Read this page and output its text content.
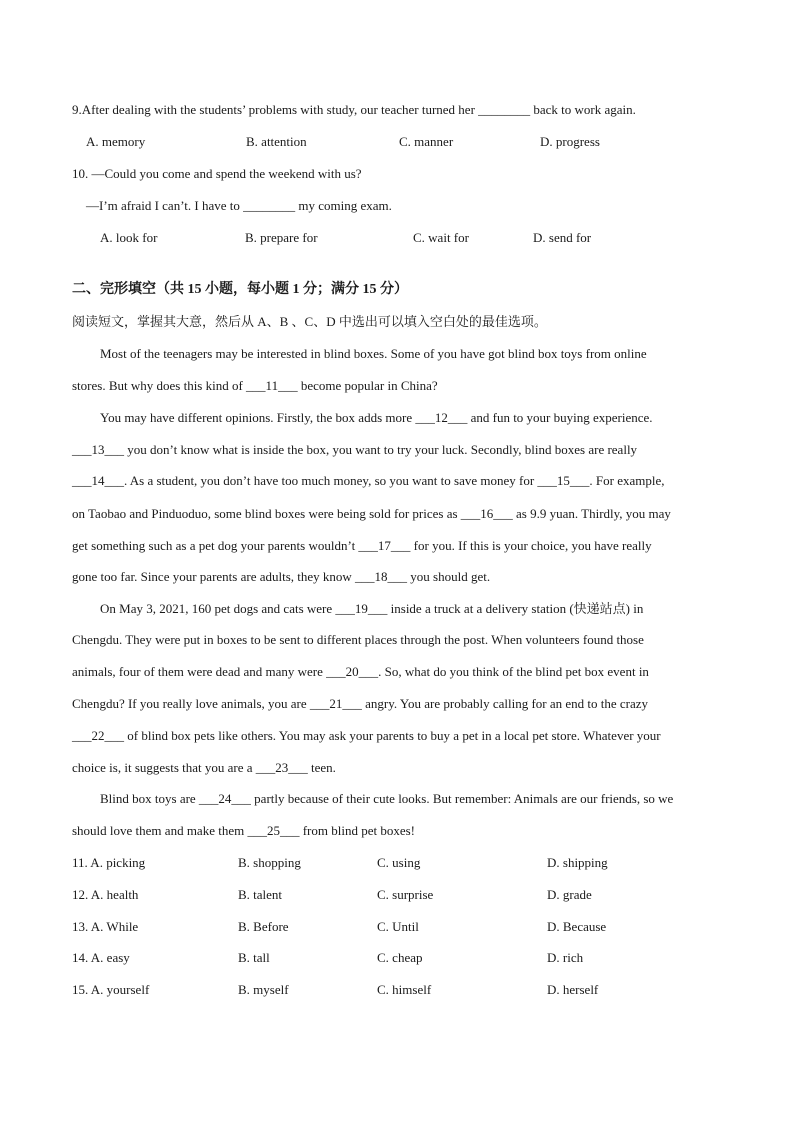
9.After dealing with the students’ problems with study, our teacher turned her ________ back to work again.
A. memory	B. attention	C. manner	D. progress
10. —Could you come and spend the weekend with us?
—I’m afraid I can’t. I have to ________ my coming exam.
A. look for	B. prepare for	C. wait for	D. send for
二、完形填空（共 15 小题，每小题 1 分；满分 15 分）
阅读短文，掌握其大意，然后从 A、B 、C、D 中选出可以填入空白处的最佳选项。
Most of the teenagers may be interested in blind boxes. Some of you have got blind box toys from online
stores. But why does this kind of ___11___ become popular in China?
You may have different opinions. Firstly, the box adds more ___12___ and fun to your buying experience.
___13___ you don’t know what is inside the box, you want to try your luck. Secondly, blind boxes are really
___14___. As a student, you don’t have too much money, so you want to save money for ___15___. For example,
on Taobao and Pinduoduo, some blind boxes were being sold for prices as ___16___ as 9.9 yuan. Thirdly, you may
get something such as a pet dog your parents wouldn’t ___17___ for you. If this is your choice, you have really
gone too far. Since your parents are adults, they know ___18___ you should get.
On May 3, 2021, 160 pet dogs and cats were ___19___ inside a truck at a delivery station (快递站点) in
Chengdu. They were put in boxes to be sent to different places through the post. When volunteers found those
animals, four of them were dead and many were ___20___. So, what do you think of the blind pet box event in
Chengdu? If you really love animals, you are ___21___ angry. You are probably calling for an end to the crazy
___22___ of blind box pets like others. You may ask your parents to buy a pet in a local pet store. Whatever your
choice is, it suggests that you are a ___23___ teen.
Blind box toys are ___24___ partly because of their cute looks. But remember: Animals are our friends, so we
should love them and make them ___25___ from blind pet boxes!
11. A. picking	B. shopping	C. using	D. shipping
12. A. health	B. talent	C. surprise	D. grade
13. A. While	B. Before	C. Until	D. Because
14. A. easy	B. tall	C. cheap	D. rich
15. A. yourself	B. myself	C. himself	D. herself
